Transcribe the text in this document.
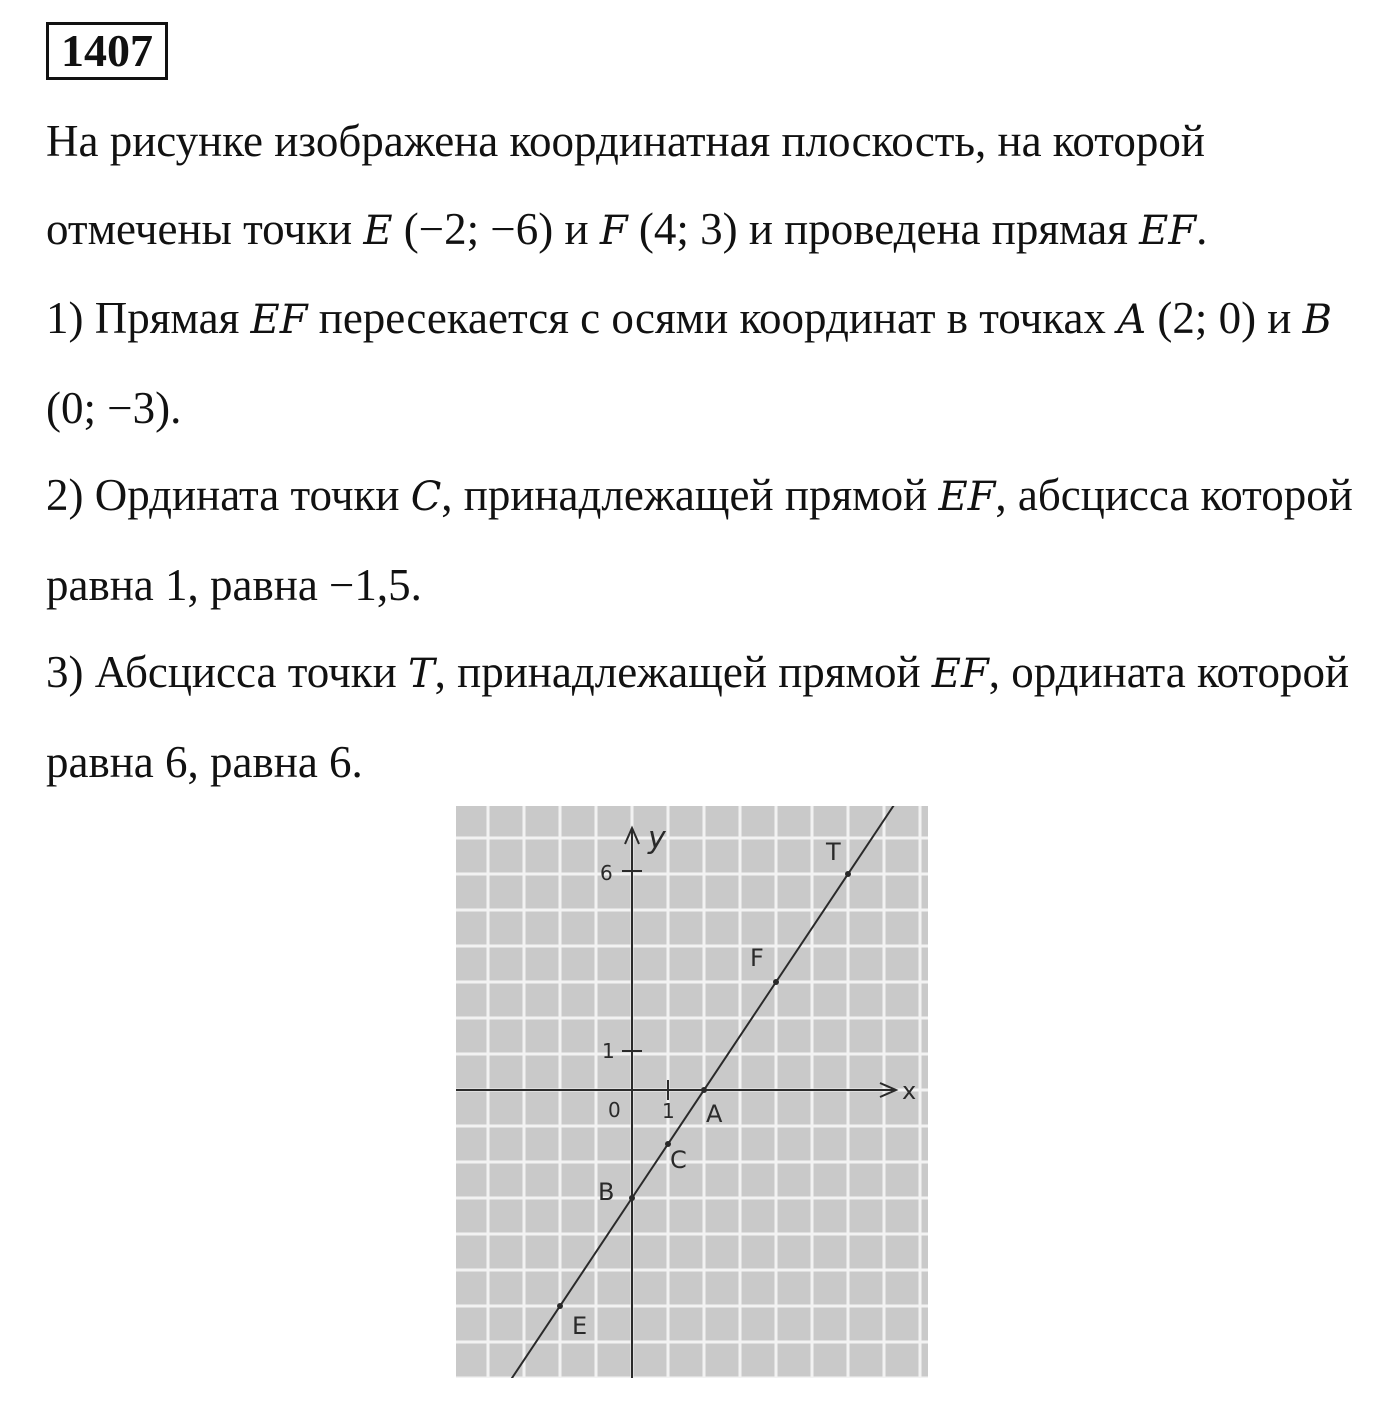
1407

На рисунке изображена координатная плоскость, на которой отмечены точки E (−2; −6) и F (4; 3) и проведена прямая EF.

1) Прямая EF пересекается с осями координат в точках A (2; 0) и B (0; −3).

2) Ордината точки C, принадлежащей прямой EF, абсцисса которой равна 1, равна −1,5.

3) Абсцисса точки T, принадлежащей прямой EF, ордината которой равна 6, равна 6.

x
y
0 1
1
6
T
F
A
C
B
E
